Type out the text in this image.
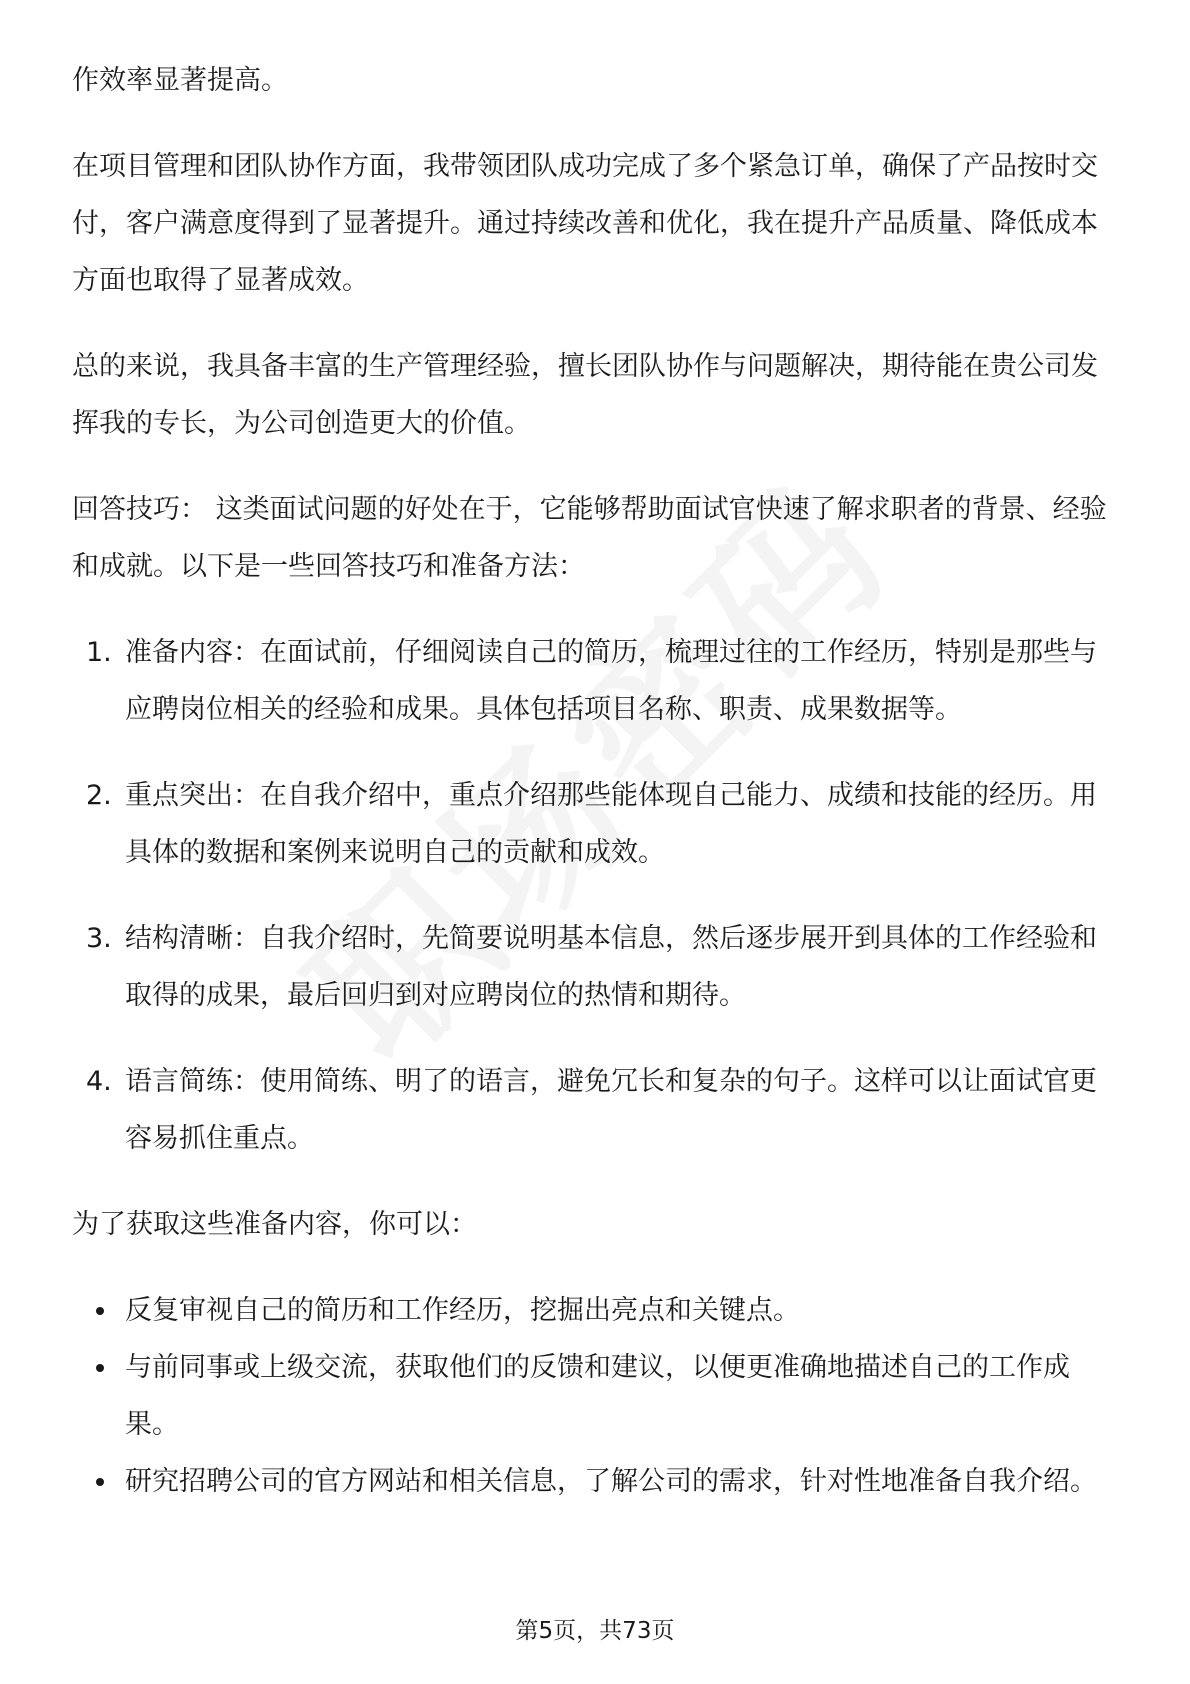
作效率显著提高。

在项目管理和团队协作方面，我带领团队成功完成了多个紧急订单，确保了产品按时交付，客户满意度得到了显著提升。通过持续改善和优化，我在提升产品质量、降低成本方面也取得了显著成效。

总的来说，我具备丰富的生产管理经验，擅长团队协作与问题解决，期待能在贵公司发挥我的专长，为公司创造更大的价值。

回答技巧： 这类面试问题的好处在于，它能够帮助面试官快速了解求职者的背景、经验和成就。以下是一些回答技巧和准备方法：

1. 准备内容：在面试前，仔细阅读自己的简历，梳理过往的工作经历，特别是那些与应聘岗位相关的经验和成果。具体包括项目名称、职责、成果数据等。
2. 重点突出：在自我介绍中，重点介绍那些能体现自己能力、成绩和技能的经历。用具体的数据和案例来说明自己的贡献和成效。
3. 结构清晰：自我介绍时，先简要说明基本信息，然后逐步展开到具体的工作经验和取得的成果，最后回归到对应聘岗位的热情和期待。
4. 语言简练：使用简练、明了的语言，避免冗长和复杂的句子。这样可以让面试官更容易抓住重点。

为了获取这些准备内容，你可以：

反复审视自己的简历和工作经历，挖掘出亮点和关键点。
与前同事或上级交流，获取他们的反馈和建议，以便更准确地描述自己的工作成果。
研究招聘公司的官方网站和相关信息，了解公司的需求，针对性地准备自我介绍。
第5页，共73页
